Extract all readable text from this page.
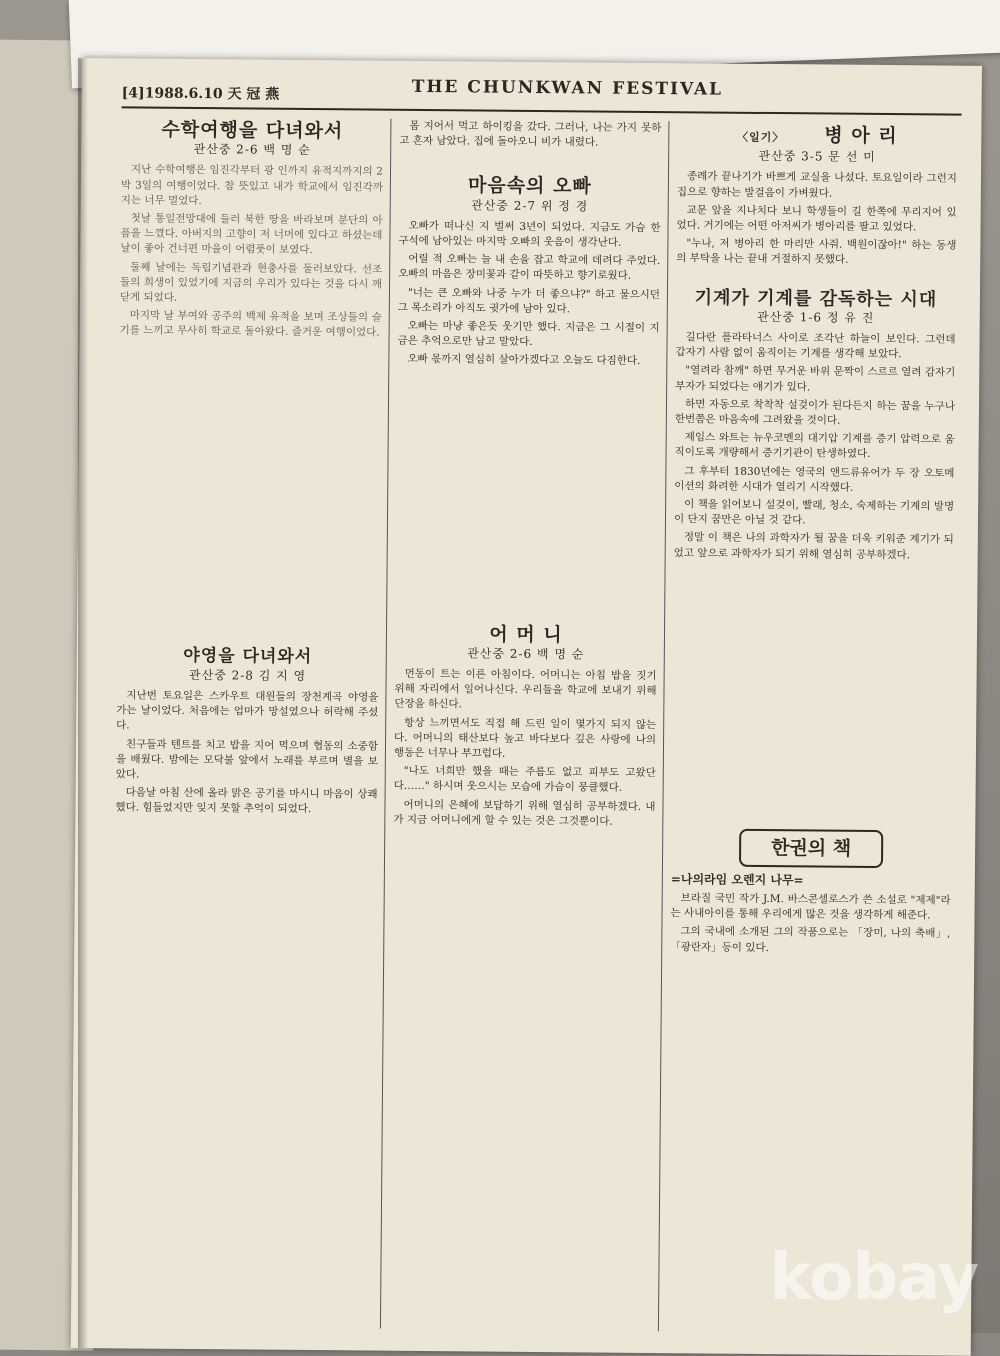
[4]1988.6.10 天 冠 燕	THE CHUNKWAN FESTIVAL
수학여행을 다녀와서
관산중 2-6 백 명 순

지난 수학여행은 임진각부터 광 인까지 유적지까지의 2박 3일의 여행이었다. 참 뜻있고 내가 학교에서 임진각까지는 너무 멀었다.

첫날 통일전망대에 들러 북한 땅을 바라보며 분단의 아픔을 느꼈다. 아버지의 고향이 저 너머에 있다고 하셨는데 날이 좋아 건너편 마을이 어렴풋이 보였다.

둘째 날에는 독립기념관과 현충사를 둘러보았다. 선조들의 희생이 있었기에 지금의 우리가 있다는 것을 다시 깨닫게 되었다.

마지막 날 부여와 공주의 백제 유적을 보며 조상들의 슬기를 느끼고 무사히 학교로 돌아왔다. 즐거운 여행이었다.

야영을 다녀와서
관산중 2-8 김 지 영

지난번 토요일은 스카우트 대원들의 장천계곡 야영을 가는 날이었다. 처음에는 엄마가 망설였으나 허락해 주셨다.

친구들과 텐트를 치고 밥을 지어 먹으며 협동의 소중함을 배웠다. 밤에는 모닥불 앞에서 노래를 부르며 별을 보았다.

다음날 아침 산에 올라 맑은 공기를 마시니 마음이 상쾌했다. 힘들었지만 잊지 못할 추억이 되었다.

몸 지어서 먹고 하이킹을 갔다. 그러나, 나는 가지 못하고 혼자 남았다. 집에 돌아오니 비가 내렸다.

마음속의 오빠
관산중 2-7 위 정 경

오빠가 떠나신 지 벌써 3년이 되었다. 지금도 가슴 한 구석에 남아있는 마지막 오빠의 웃음이 생각난다.

어릴 적 오빠는 늘 내 손을 잡고 학교에 데려다 주었다. 오빠의 마음은 장미꽃과 같이 따뜻하고 향기로웠다.

"너는 큰 오빠와 나중 누가 더 좋으냐?" 하고 물으시던 그 목소리가 아직도 귓가에 남아 있다.

오빠는 마냥 좋은듯 웃기만 했다. 지금은 그 시절이 지금은 추억으로만 남고 말았다.

오빠 몫까지 열심히 살아가겠다고 오늘도 다짐한다.

어 머 니
관산중 2-6 백 명 순

먼동이 트는 이른 아침이다. 어머니는 아침 밥을 짓기 위해 자리에서 일어나신다. 우리들을 학교에 보내기 위해 단장을 하신다.

항상 느끼면서도 직접 해 드린 일이 몇가지 되지 않는다. 어머니의 태산보다 높고 바다보다 깊은 사랑에 나의 행동은 너무나 부끄럽다.

"나도 너희만 했을 때는 주름도 없고 피부도 고왔단다……" 하시며 웃으시는 모습에 가슴이 뭉클했다.

어머니의 은혜에 보답하기 위해 열심히 공부하겠다. 내가 지금 어머니에게 할 수 있는 것은 그것뿐이다.

〈일기〉 병 아 리
관산중 3-5 문 선 미

종례가 끝나기가 바쁘게 교실을 나섰다. 토요일이라 그런지 집으로 향하는 발걸음이 가벼웠다.

교문 앞을 지나치다 보니 학생들이 길 한쪽에 무리지어 있었다. 거기에는 어떤 아저씨가 병아리를 팔고 있었다.

"누나, 저 병아리 한 마리만 사줘. 백원이잖아!" 하는 동생의 부탁을 나는 끝내 거절하지 못했다.

기계가 기계를 감독하는 시대
관산중 1-6 정 유 진

길다란 플라타너스 사이로 조각난 하늘이 보인다. 그런데 갑자기 사람 없이 움직이는 기계를 생각해 보았다.

"열려라 참깨" 하면 무거운 바위 문짝이 스르르 열려 감자기 부자가 되었다는 얘기가 있다.

하면 자동으로 착착착 설겆이가 된다든지 하는 꿈을 누구나 한번쯤은 마음속에 그려왔을 것이다.

제임스 와트는 뉴우코멘의 대기압 기계를 증기 압력으로 움직이도록 개량해서 증기기관이 탄생하였다.

그 후부터 1830년에는 영국의 앤드류유어가 두 장 오토메이션의 화려한 시대가 열리기 시작했다.

이 책을 읽어보니 설겆이, 빨래, 청소, 숙제하는 기계의 발명이 단지 꿈만은 아닐 것 같다.

정말 이 책은 나의 과학자가 될 꿈을 더욱 키워준 계기가 되었고 앞으로 과학자가 되기 위해 열심히 공부하겠다.

한권의 책
=나의라임 오렌지 나무=

브라질 국민 작가 J.M. 바스콘셀로스가 쓴 소설로 "제제"라는 사내아이를 통해 우리에게 많은 것을 생각하게 해준다.

그의 국내에 소개된 그의 작품으로는 「장미, 나의 축배」, 「광란자」등이 있다.

kobay
